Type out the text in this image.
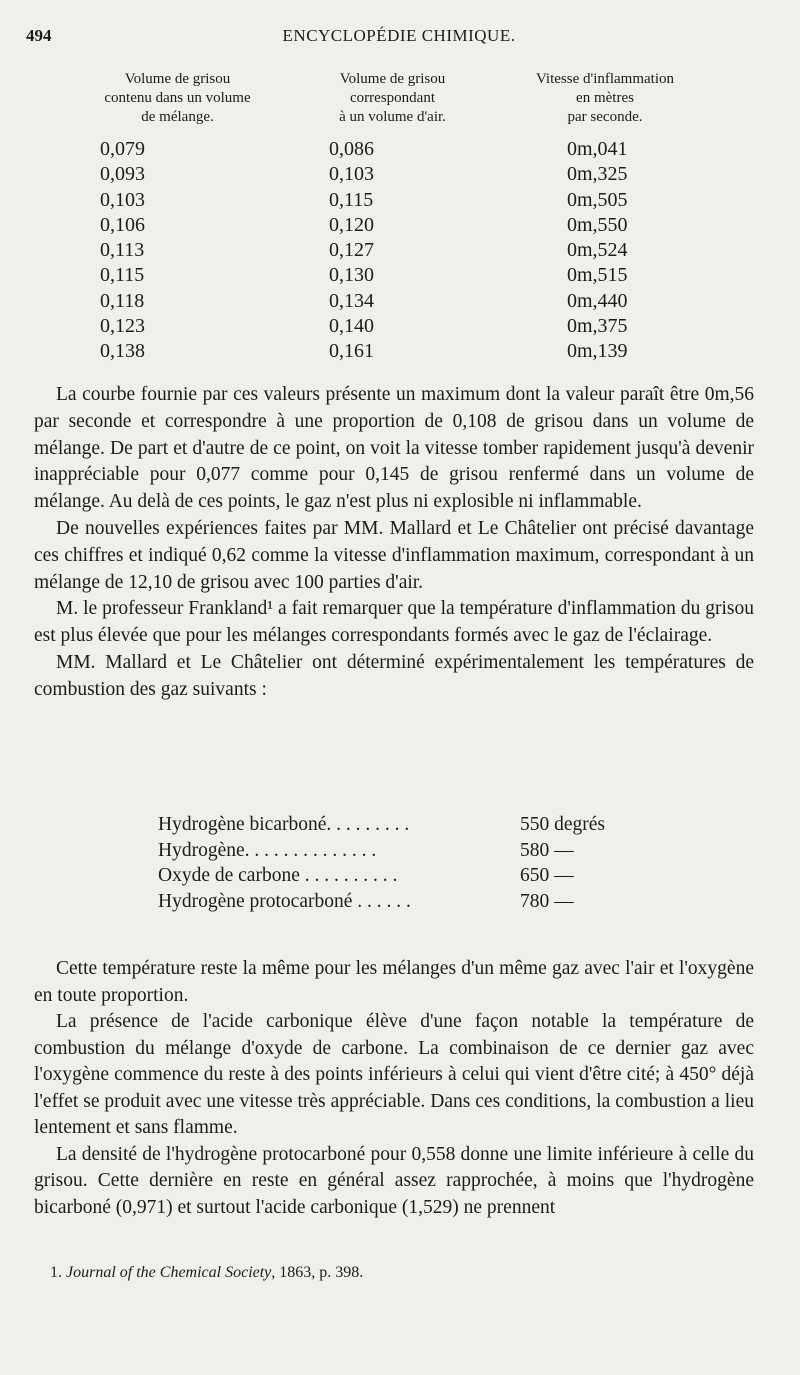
494	ENCYCLOPÉDIE CHIMIQUE.
Volume de grisou
contenu dans un volume
de mélange.
Volume de grisou
correspondant
à un volume d'air.
Vitesse d'inflammation
en mètres
par seconde.
0,079	0,086	0m,041
0,093	0,103	0m,325
0,103	0,115	0m,505
0,106	0,120	0m,550
0,113	0,127	0m,524
0,115	0,130	0m,515
0,118	0,134	0m,440
0,123	0,140	0m,375
0,138	0,161	0m,139

La courbe fournie par ces valeurs présente un maximum dont la valeur paraît être 0m,56 par seconde et correspondre à une proportion de 0,108 de grisou dans un volume de mélange. De part et d'autre de ce point, on voit la vitesse tomber rapidement jusqu'à devenir inappréciable pour 0,077 comme pour 0,145 de grisou renfermé dans un volume de mélange. Au delà de ces points, le gaz n'est plus ni explosible ni inflammable.

De nouvelles expériences faites par MM. Mallard et Le Châtelier ont précisé davantage ces chiffres et indiqué 0,62 comme la vitesse d'inflammation maximum, correspondant à un mélange de 12,10 de grisou avec 100 parties d'air.

M. le professeur Frankland¹ a fait remarquer que la température d'inflammation du grisou est plus élevée que pour les mélanges correspondants formés avec le gaz de l'éclairage.

MM. Mallard et Le Châtelier ont déterminé expérimentalement les températures de combustion des gaz suivants :

Hydrogène bicarboné. . . . . . . . .	550 degrés
Hydrogène. . . . . . . . . . . . . .	580 —
Oxyde de carbone . . . . . . . . . .	650 —
Hydrogène protocarboné . . . . . .	780 —

Cette température reste la même pour les mélanges d'un même gaz avec l'air et l'oxygène en toute proportion.

La présence de l'acide carbonique élève d'une façon notable la température de combustion du mélange d'oxyde de carbone. La combinaison de ce dernier gaz avec l'oxygène commence du reste à des points inférieurs à celui qui vient d'être cité; à 450° déjà l'effet se produit avec une vitesse très appréciable. Dans ces conditions, la combustion a lieu lentement et sans flamme.

La densité de l'hydrogène protocarboné pour 0,558 donne une limite inférieure à celle du grisou. Cette dernière en reste en général assez rapprochée, à moins que l'hydrogène bicarboné (0,971) et surtout l'acide carbonique (1,529) ne prennent

1. Journal of the Chemical Society, 1863, p. 398.
